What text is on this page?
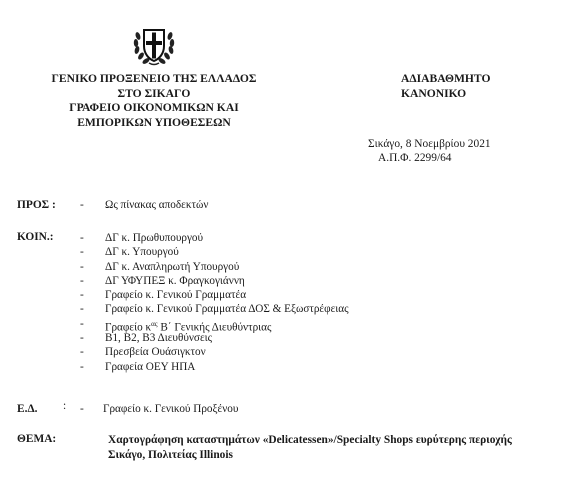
ΓΕΝΙΚΟ ΠΡΟΞΕΝΕΙΟ ΤΗΣ ΕΛΛΑΔΟΣ
ΣΤΟ ΣΙΚΑΓΟ
ΓΡΑΦΕΙΟ ΟΙΚΟΝΟΜΙΚΩΝ ΚΑΙ
ΕΜΠΟΡΙΚΩΝ ΥΠΟΘΕΣΕΩΝ
ΑΔΙΑΒΑΘΜΗΤΟ
ΚΑΝΟΝΙΚΟ
Σικάγο, 8 Νοεμβρίου 2021
Α.Π.Φ. 2299/64
ΠΡΟΣ : - Ως πίνακας αποδεκτών
ΚΟΙΝ.: - ΔΓ κ. Πρωθυπουργού
- ΔΓ κ. Υπουργού
- ΔΓ κ. Αναπληρωτή Υπουργού
- ΔΓ ΥΦΥΠΕΞ κ. Φραγκογιάννη
- Γραφείο κ. Γενικού Γραμματέα
- Γραφείο κ. Γενικού Γραμματέα ΔΟΣ & Εξωστρέφειας
- Γραφείο $\kappa^{\alpha\varsigma}$ Β΄ Γενικής Διευθύντριας
- Β1, Β2, Β3 Διευθύνσεις
- Πρεσβεία Ουάσιγκτον
- Γραφεία ΟΕΥ ΗΠΑ
Ε.Δ. : - Γραφείο κ. Γενικού Προξένου
ΘΕΜΑ:	Χαρτογράφηση καταστημάτων «Delicatessen»/Specialty Shops ευρύτερης περιοχής
Σικάγο, Πολιτείας Illinois
